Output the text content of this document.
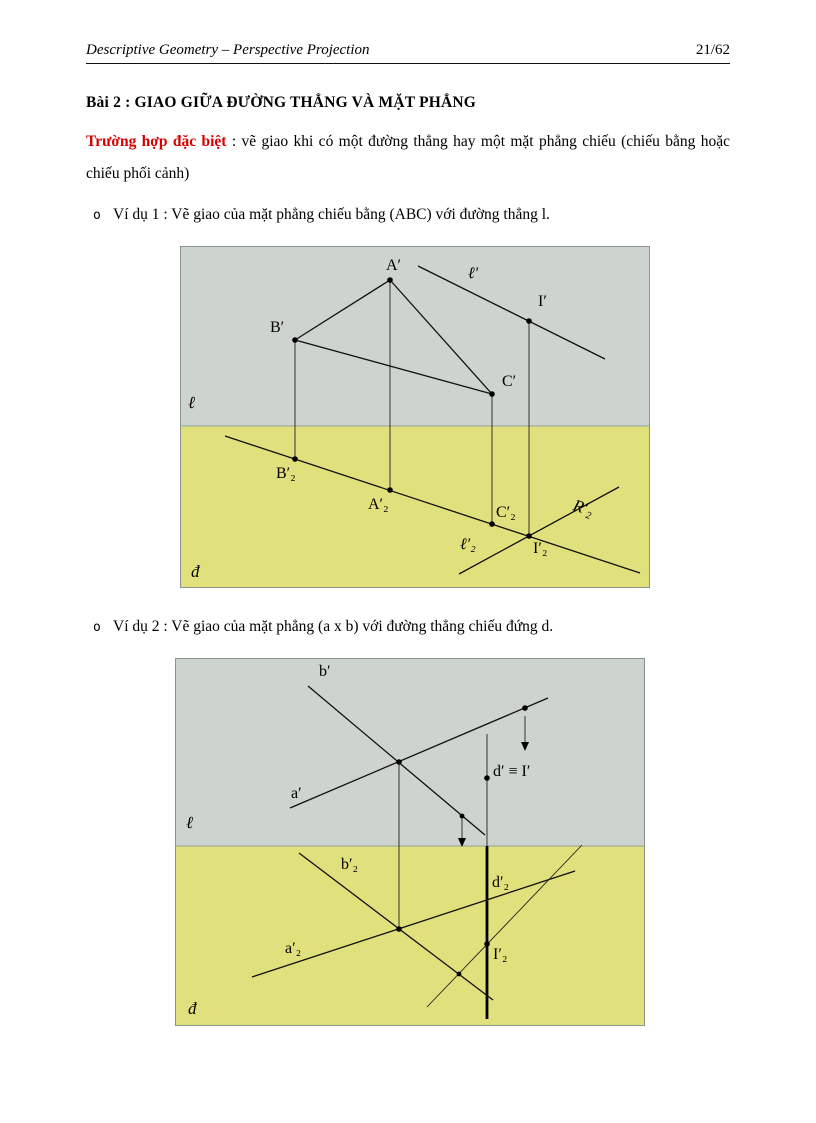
Descriptive Geometry – Perspective Projection	21/62
Bài 2 : GIAO GIỮA ĐƯỜNG THẲNG VÀ MẶT PHẲNG

Trường hợp đặc biệt : vẽ giao khi có một đường thẳng hay một mặt phẳng chiếu (chiếu bằng hoặc chiếu phối cảnh)

o Ví dụ 1 : Vẽ giao của mặt phẳng chiếu bằng (ABC) với đường thẳng l.
A′
B′
C′
I′
ℓ′
ℓ
B′₂
A′₂	C′₂
I′₂
R′₂
ℓ′₂
đ
o Ví dụ 2 : Vẽ giao của mặt phẳng (a x b) với đường thẳng chiếu đứng d.
b′
a′
d′ ≡ I′
ℓ
b′₂
d′₂
a′₂	I′₂
đ
